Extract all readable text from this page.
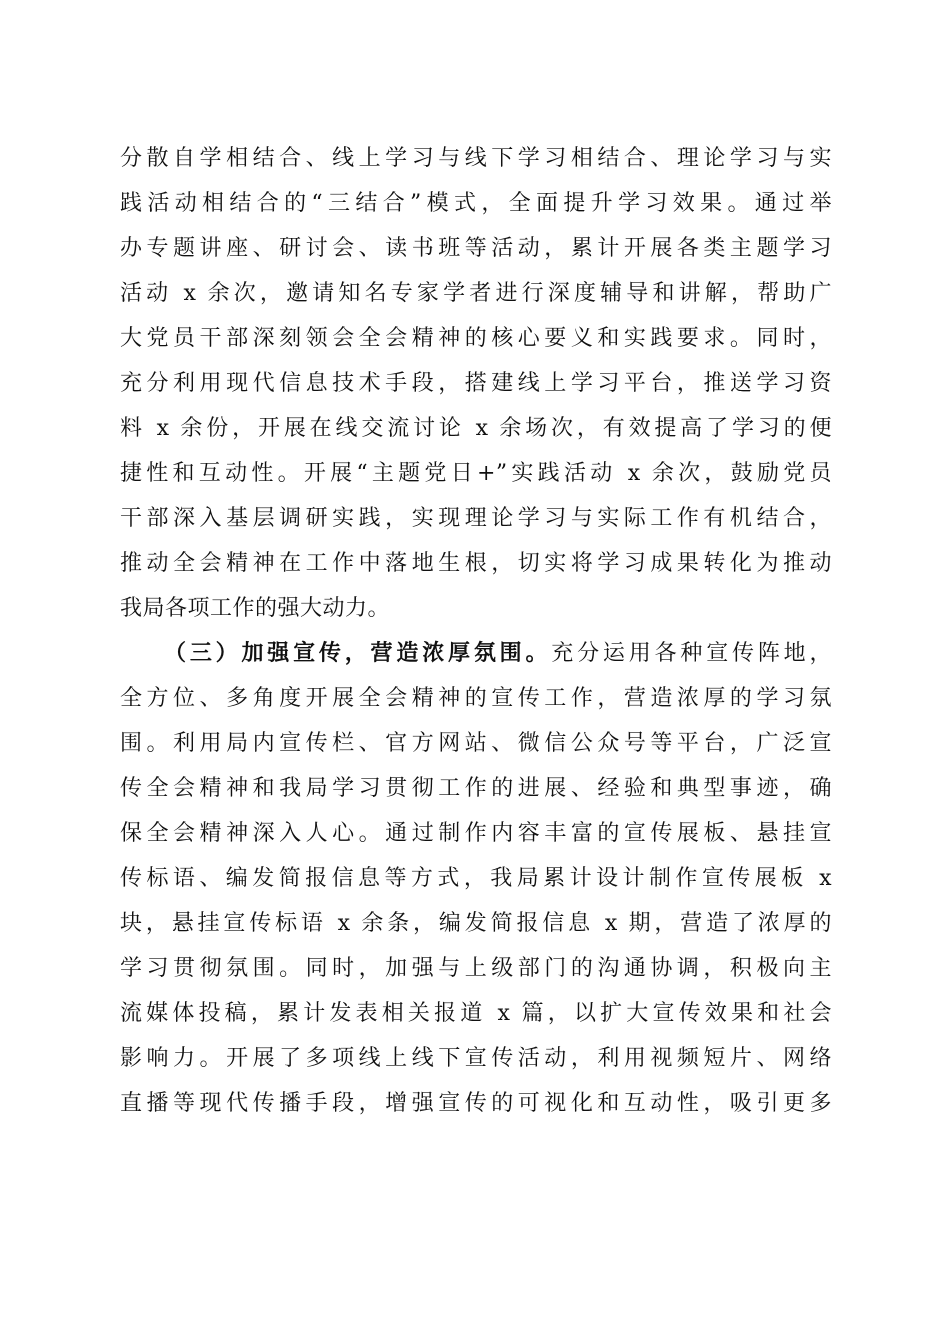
分散自学相结合、线上学习与线下学习相结合、理论学习与实
践活动相结合的“三结合”模式，全面提升学习效果。通过举
办专题讲座、研讨会、读书班等活动，累计开展各类主题学习
活动 x 余次，邀请知名专家学者进行深度辅导和讲解，帮助广
大党员干部深刻领会全会精神的核心要义和实践要求。同时，
充分利用现代信息技术手段，搭建线上学习平台，推送学习资
料 x 余份，开展在线交流讨论 x 余场次，有效提高了学习的便
捷性和互动性。开展“主题党日+”实践活动 x 余次，鼓励党员
干部深入基层调研实践，实现理论学习与实际工作有机结合，
推动全会精神在工作中落地生根，切实将学习成果转化为推动
我局各项工作的强大动力。
（三）加强宣传，营造浓厚氛围。充分运用各种宣传阵地，
全方位、多角度开展全会精神的宣传工作，营造浓厚的学习氛
围。利用局内宣传栏、官方网站、微信公众号等平台，广泛宣
传全会精神和我局学习贯彻工作的进展、经验和典型事迹，确
保全会精神深入人心。通过制作内容丰富的宣传展板、悬挂宣
传标语、编发简报信息等方式，我局累计设计制作宣传展板 x
块，悬挂宣传标语 x 余条，编发简报信息 x 期，营造了浓厚的
学习贯彻氛围。同时，加强与上级部门的沟通协调，积极向主
流媒体投稿，累计发表相关报道 x 篇，以扩大宣传效果和社会
影响力。开展了多项线上线下宣传活动，利用视频短片、网络
直播等现代传播手段，增强宣传的可视化和互动性，吸引更多
